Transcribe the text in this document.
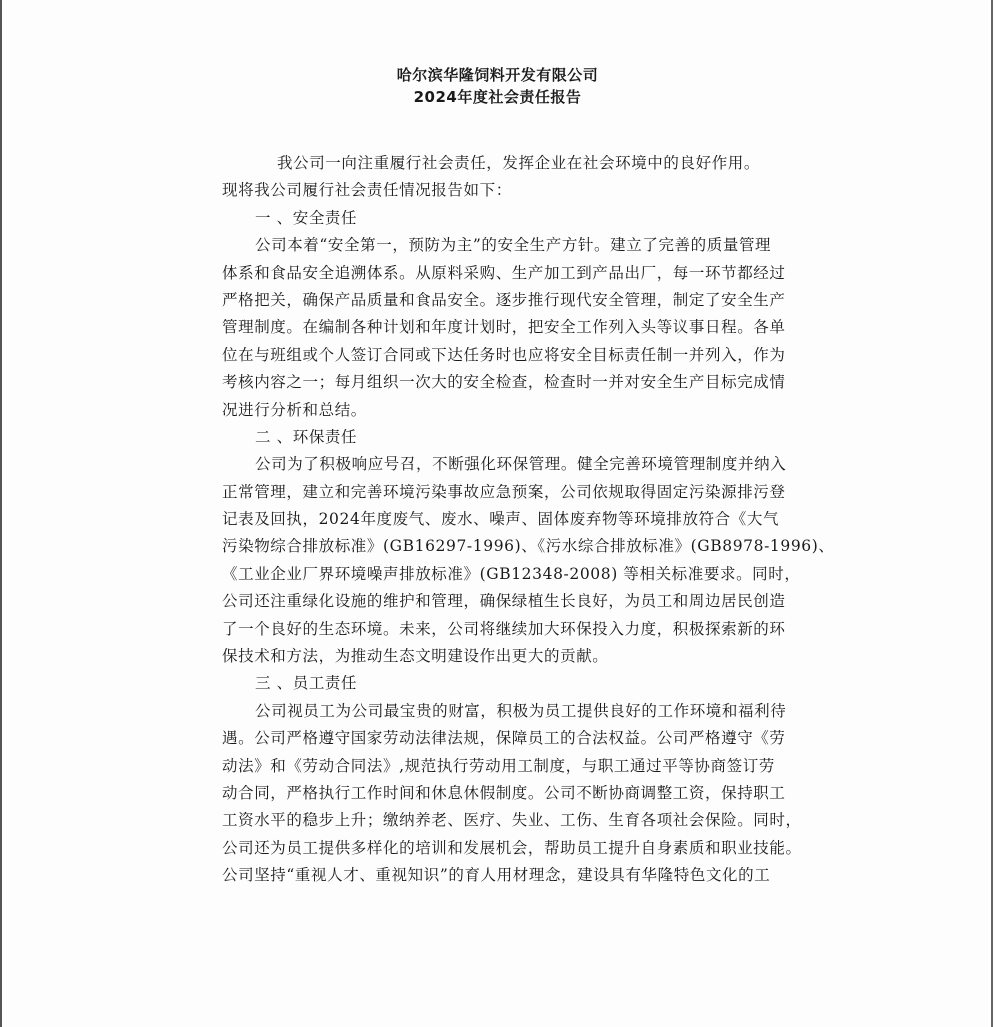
哈尔滨华隆饲料开发有限公司
2024年度社会责任报告
我公司一向注重履行社会责任，发挥企业在社会环境中的良好作用。
现将我公司履行社会责任情况报告如下：
一 、安全责任
公司本着“安全第一，预防为主”的安全生产方针。建立了完善的质量管理
体系和食品安全追溯体系。从原料采购、生产加工到产品出厂，每一环节都经过
严格把关，确保产品质量和食品安全。逐步推行现代安全管理，制定了安全生产
管理制度。在编制各种计划和年度计划时，把安全工作列入头等议事日程。各单
位在与班组或个人签订合同或下达任务时也应将安全目标责任制一并列入，作为
考核内容之一；每月组织一次大的安全检查，检查时一并对安全生产目标完成情
况进行分析和总结。
二 、环保责任
公司为了积极响应号召，不断强化环保管理。健全完善环境管理制度并纳入
正常管理，建立和完善环境污染事故应急预案，公司依规取得固定污染源排污登
记表及回执，2024年度废气、废水、噪声、固体废弃物等环境排放符合《大气
污染物综合排放标准》(GB16297-1996)、《污水综合排放标准》(GB8978-1996)、
《工业企业厂界环境噪声排放标准》(GB12348-2008) 等相关标准要求。同时，
公司还注重绿化设施的维护和管理，确保绿植生长良好，为员工和周边居民创造
了一个良好的生态环境。未来，公司将继续加大环保投入力度，积极探索新的环
保技术和方法，为推动生态文明建设作出更大的贡献。
三 、员工责任
公司视员工为公司最宝贵的财富，积极为员工提供良好的工作环境和福利待
遇。公司严格遵守国家劳动法律法规，保障员工的合法权益。公司严格遵守《劳
动法》和《劳动合同法》,规范执行劳动用工制度，与职工通过平等协商签订劳
动合同，严格执行工作时间和休息休假制度。公司不断协商调整工资，保持职工
工资水平的稳步上升；缴纳养老、医疗、失业、工伤、生育各项社会保险。同时，
公司还为员工提供多样化的培训和发展机会，帮助员工提升自身素质和职业技能。
公司坚持“重视人才、重视知识”的育人用材理念，建设具有华隆特色文化的工
